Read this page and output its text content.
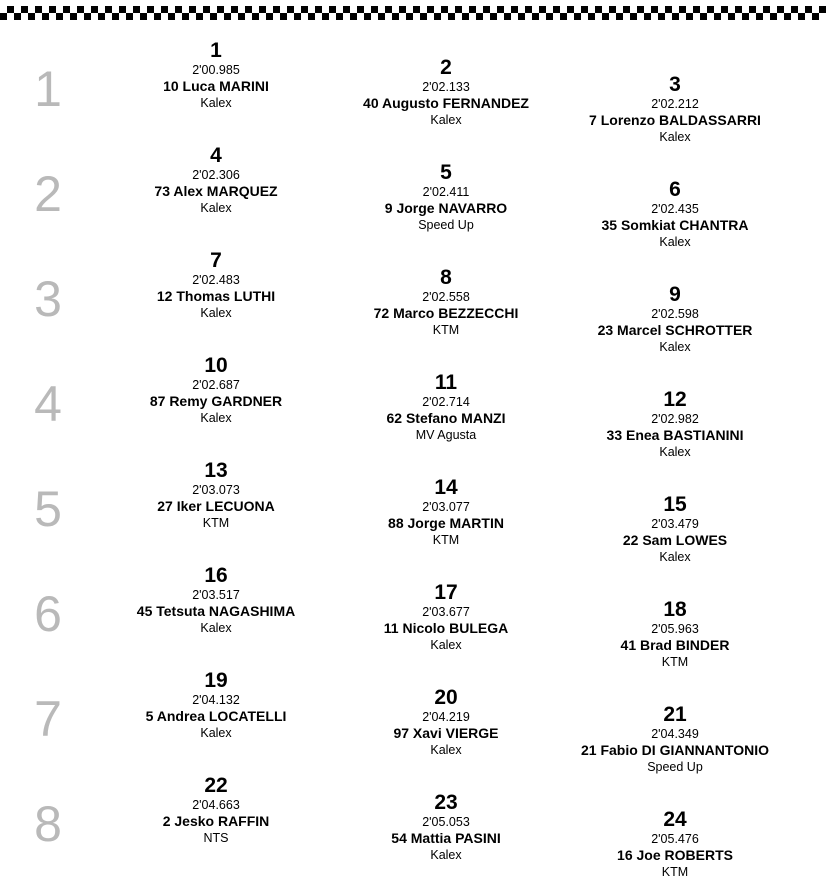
1
1
2'00.985
10 Luca MARINI
Kalex
2
2'02.133
40 Augusto FERNANDEZ
Kalex
3
2'02.212
7 Lorenzo BALDASSARRI
Kalex
2
4
2'02.306
73 Alex MARQUEZ
Kalex
5
2'02.411
9 Jorge NAVARRO
Speed Up
6
2'02.435
35 Somkiat CHANTRA
Kalex
3
7
2'02.483
12 Thomas LUTHI
Kalex
8
2'02.558
72 Marco BEZZECCHI
KTM
9
2'02.598
23 Marcel SCHROTTER
Kalex
4
10
2'02.687
87 Remy GARDNER
Kalex
11
2'02.714
62 Stefano MANZI
MV Agusta
12
2'02.982
33 Enea BASTIANINI
Kalex
5
13
2'03.073
27 Iker LECUONA
KTM
14
2'03.077
88 Jorge MARTIN
KTM
15
2'03.479
22 Sam LOWES
Kalex
6
16
2'03.517
45 Tetsuta NAGASHIMA
Kalex
17
2'03.677
11 Nicolo BULEGA
Kalex
18
2'05.963
41 Brad BINDER
KTM
7
19
2'04.132
5 Andrea LOCATELLI
Kalex
20
2'04.219
97 Xavi VIERGE
Kalex
21
2'04.349
21 Fabio DI GIANNANTONIO
Speed Up
8
22
2'04.663
2 Jesko RAFFIN
NTS
23
2'05.053
54 Mattia PASINI
Kalex
24
2'05.476
16 Joe ROBERTS
KTM
